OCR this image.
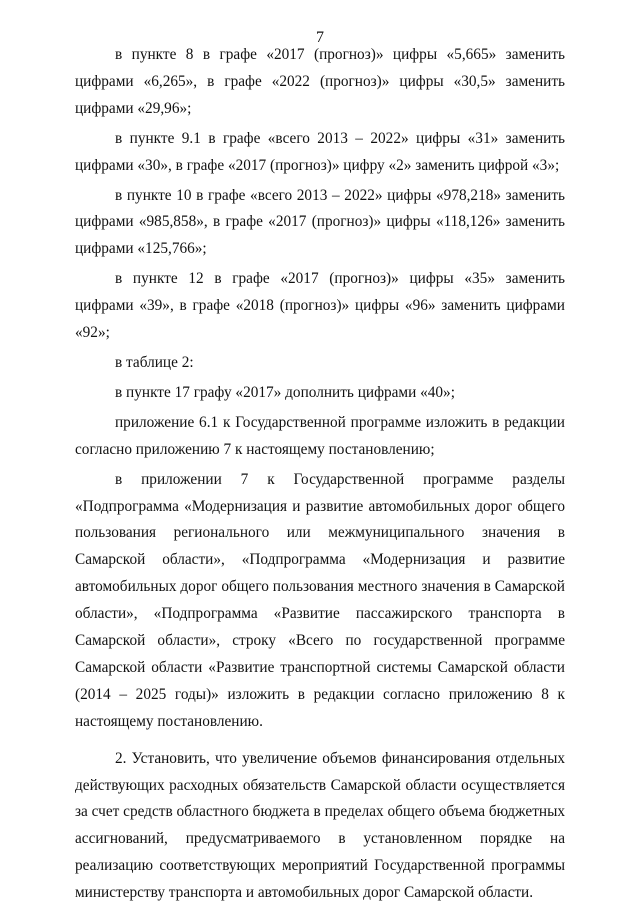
7

в пункте 8 в графе «2017 (прогноз)» цифры «5,665» заменить цифрами «6,265», в графе «2022 (прогноз)» цифры «30,5» заменить цифрами «29,96»;

в пункте 9.1 в графе «всего 2013 – 2022» цифры «31» заменить цифрами «30», в графе «2017 (прогноз)» цифру «2» заменить цифрой «3»;

в пункте 10 в графе «всего 2013 – 2022» цифры «978,218» заменить цифрами «985,858», в графе «2017 (прогноз)» цифры «118,126» заменить цифрами «125,766»;

в пункте 12 в графе «2017 (прогноз)» цифры «35» заменить цифрами «39», в графе «2018 (прогноз)» цифры «96» заменить цифрами «92»;

в таблице 2:

в пункте 17 графу «2017» дополнить цифрами «40»;

приложение 6.1 к Государственной программе изложить в редакции согласно приложению 7 к настоящему постановлению;

в приложении 7 к Государственной программе разделы «Подпрограмма «Модернизация и развитие автомобильных дорог общего пользования регионального или межмуниципального значения в Самарской области», «Подпрограмма «Модернизация и развитие автомобильных дорог общего пользования местного значения в Самарской области», «Подпрограмма «Развитие пассажирского транспорта в Самарской области», строку «Всего по государственной программе Самарской области «Развитие транспортной системы Самарской области (2014 – 2025 годы)» изложить в редакции согласно приложению 8 к настоящему постановлению.

2. Установить, что увеличение объемов финансирования отдельных действующих расходных обязательств Самарской области осуществляется за счет средств областного бюджета в пределах общего объема бюджетных ассигнований, предусматриваемого в установленном порядке на реализацию соответствующих мероприятий Государственной программы министерству транспорта и автомобильных дорог Самарской области.
